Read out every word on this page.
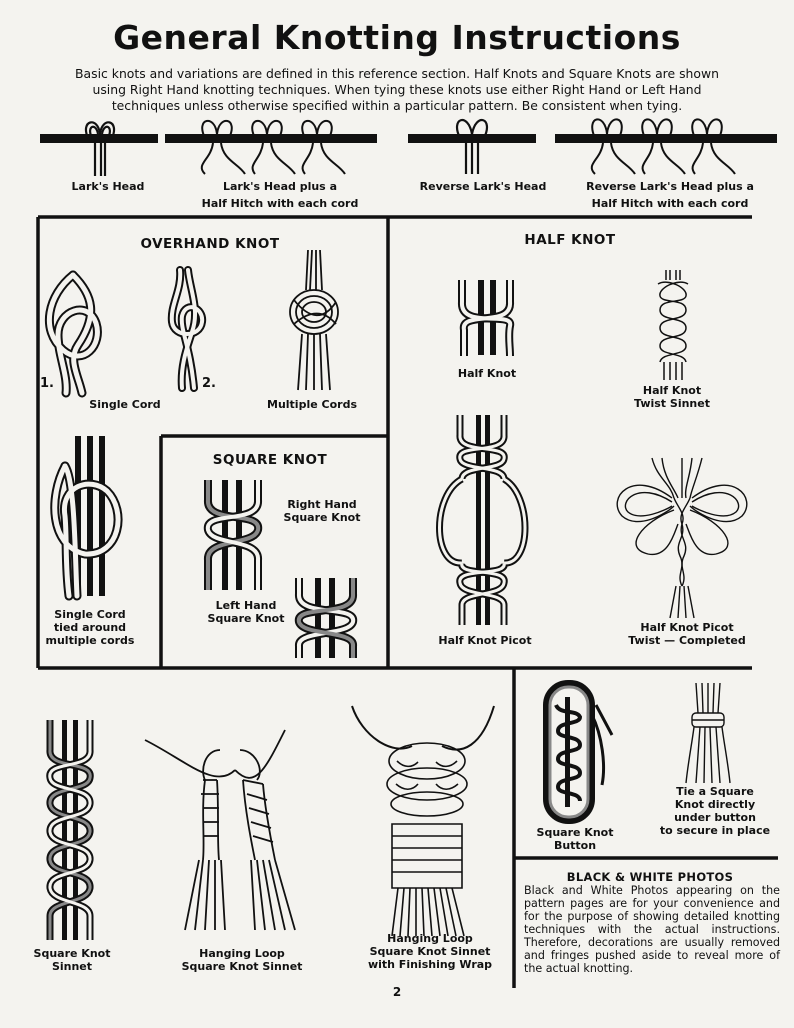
General Knotting Instructions
Basic knots and variations are defined in this reference section. Half Knots and Square Knots are shown using Right Hand knotting techniques. When tying these knots use either Right Hand or Left Hand techniques unless otherwise specified within a particular pattern. Be consistent when tying.
Lark's Head	Lark's Head plus a
Half Hitch with each cord
Reverse Lark's Head	Reverse Lark's Head plus a
Half Hitch with each cord
OVERHAND KNOT
1.	2.
Single Cord	Multiple Cords
Single Cord
tied around
multiple cords
SQUARE KNOT
Right Hand
Square Knot
Left Hand
Square Knot
HALF KNOT
Half Knot
Half Knot
Twist Sinnet
Half Knot Picot
Half Knot Picot
Twist — Completed
Square Knot
Sinnet
Hanging Loop
Square Knot Sinnet
Hanging Loop
Square Knot Sinnet
with Finishing Wrap
Square Knot
Button
Tie a Square
Knot directly
under button
to secure in place
BLACK & WHITE PHOTOS
Black and White Photos appearing on the pattern pages are for your convenience and for the purpose of showing detailed knotting techniques with the actual instructions. Therefore, decorations are usually removed and fringes pushed aside to reveal more of the actual knotting.
2
